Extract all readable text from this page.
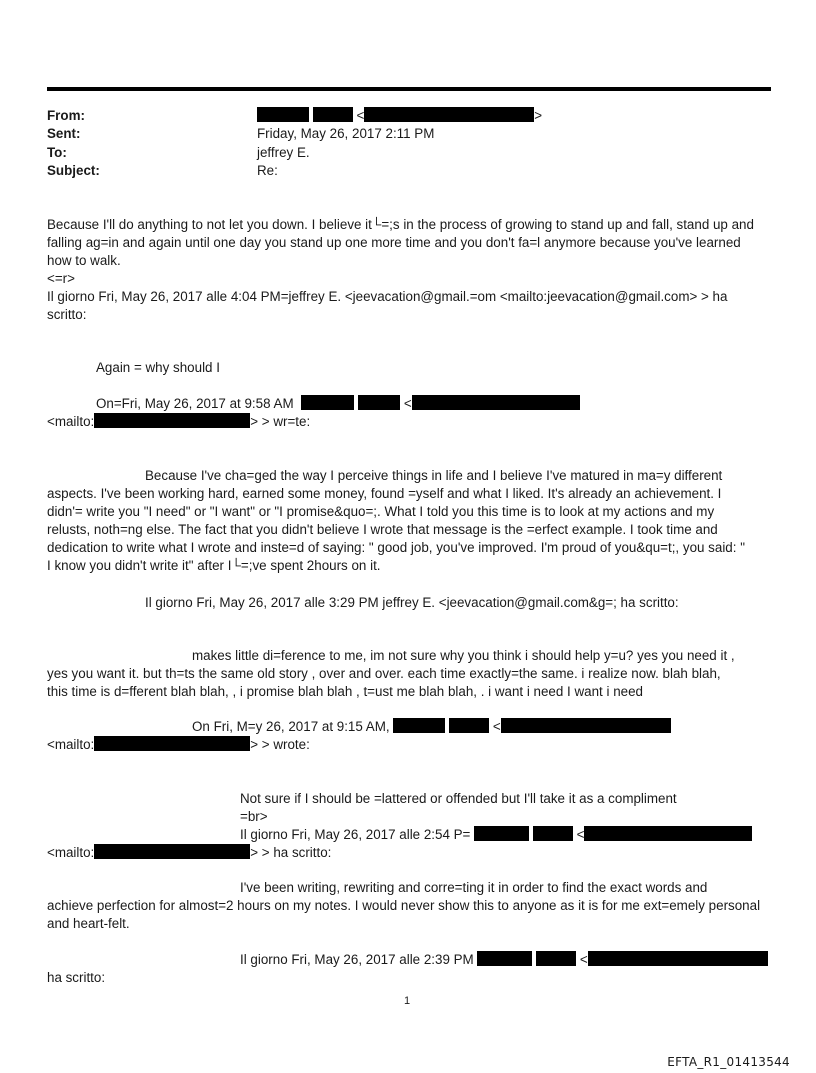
From:	<	>
Sent:	Friday, May 26, 2017 2:11 PM
To:	jeffrey E.
Subject:	Re:
Because I'll do anything to not let you down. I believe it└=;s in the process of growing to stand up and fall, stand up and
falling ag=in and again until one day you stand up one more time and you don't fa=l anymore because you've learned
how to walk.
<=r>
Il giorno Fri, May 26, 2017 alle 4:04 PM=jeffrey E. <jeevacation@gmail.=om <mailto:jeevacation@gmail.com> > ha
scritto:
Again = why should I
On=Fri, May 26, 2017 at 9:58 AM	<
<mailto:	> > wr=te:
Because I've cha=ged the way I perceive things in life and I believe I've matured in ma=y different
aspects. I've been working hard, earned some money, found =yself and what I liked. It's already an achievement. I
didn'= write you "I need" or "I want" or "I promise&quo=;. What I told you this time is to look at my actions and my
relusts, noth=ng else. The fact that you didn't believe I wrote that message is the =erfect example. I took time and
dedication to write what I wrote and inste=d of saying: " good job, you've improved. I'm proud of you&qu=t;, you said: "
I know you didn't write it" after I└=;ve spent 2hours on it.
Il giorno Fri, May 26, 2017 alle 3:29 PM jeffrey E. <jeevacation@gmail.com&g=; ha scritto:
makes little di=ference to me, im not sure why you think i should help y=u? yes you need it ,
yes you want it. but th=ts the same old story , over and over. each time exactly=the same. i realize now. blah blah,
this time is d=fferent blah blah, , i promise blah blah , t=ust me blah blah, . i want i need I want i need
On Fri, M=y 26, 2017 at 9:15 AM,	<
<mailto:	> > wrote:
Not sure if I should be =lattered or offended but I'll take it as a compliment
=br>
Il giorno Fri, May 26, 2017 alle 2:54 P=	<
<mailto:	> > ha scritto:
I've been writing, rewriting and corre=ting it in order to find the exact words and
achieve perfection for almost=2 hours on my notes. I would never show this to anyone as it is for me ext=emely personal
and heart-felt.
Il giorno Fri, May 26, 2017 alle 2:39 PM	<
ha scritto:
1
EFTA_R1_01413544
